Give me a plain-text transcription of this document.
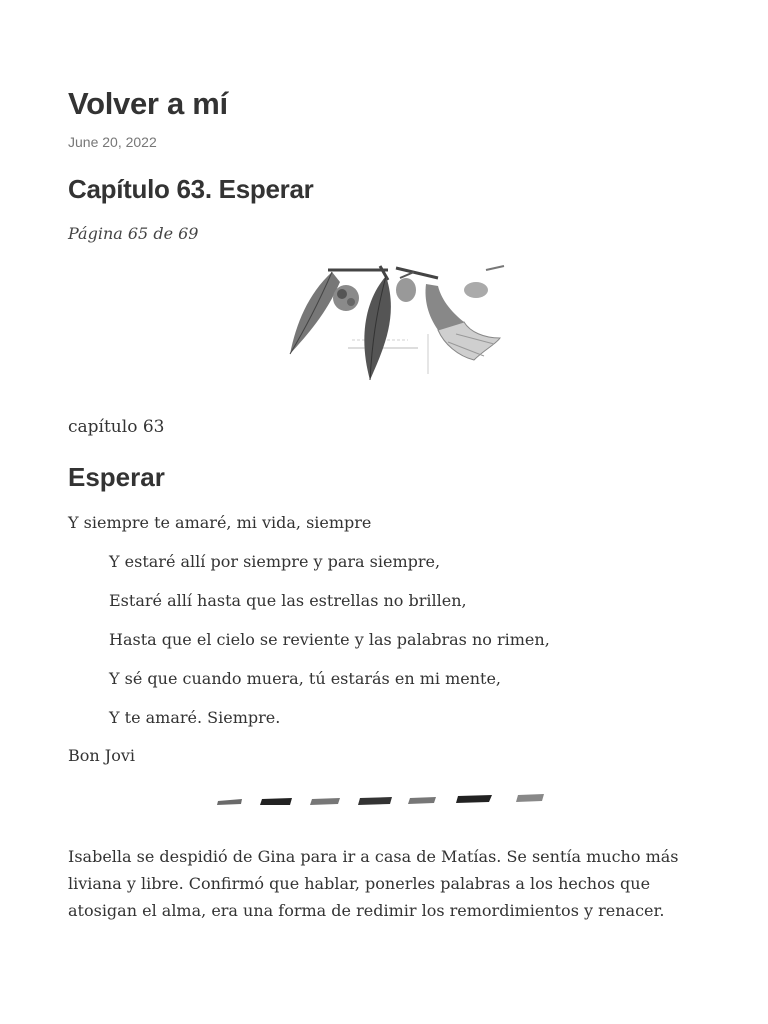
Volver a mí
June 20, 2022
Capítulo 63. Esperar
Página 65 de 69
capítulo 63
Esperar
Y siempre te amaré, mi vida, siempre
Y estaré allí por siempre y para siempre,
Estaré allí hasta que las estrellas no brillen,
Hasta que el cielo se reviente y las palabras no rimen,
Y sé que cuando muera, tú estarás en mi mente,
Y te amaré. Siempre.
Bon Jovi

Isabella se despidió de Gina para ir a casa de Matías. Se sentía mucho más liviana y libre. Confirmó que hablar, ponerles palabras a los hechos que atosigan el alma, era una forma de redimir los remordimientos y renacer.
